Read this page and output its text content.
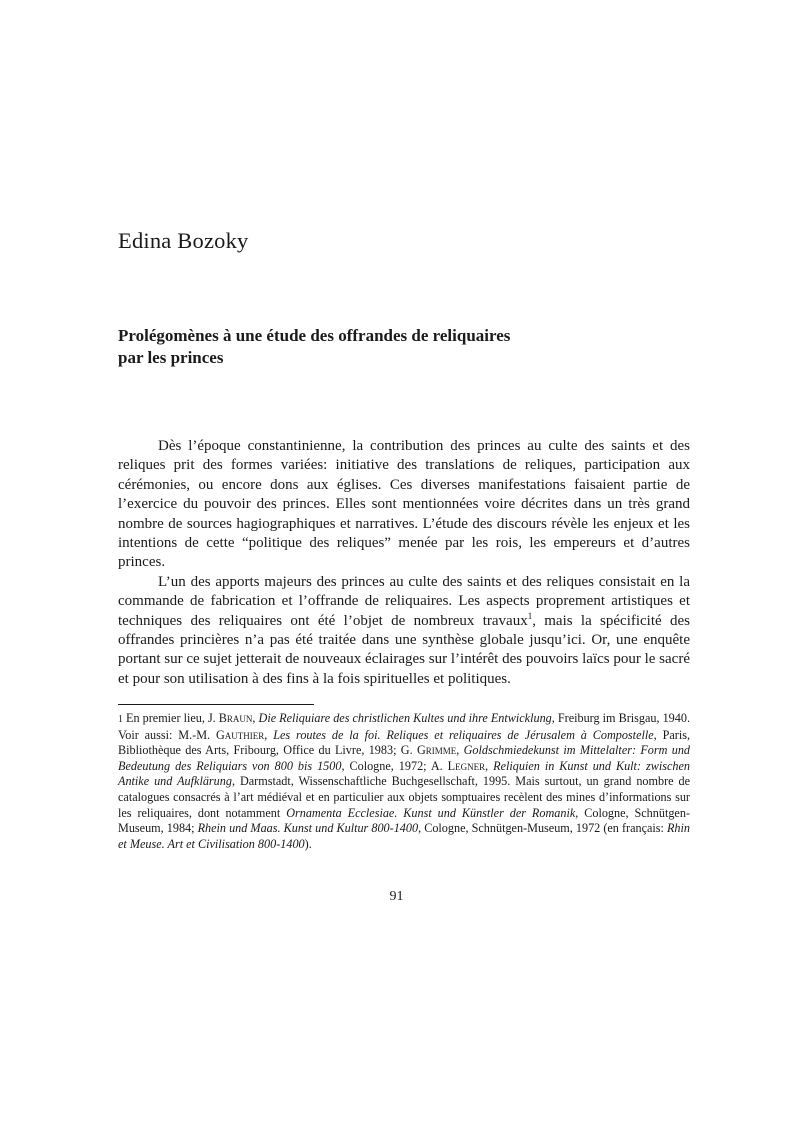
Edina Bozoky
Prolégomènes à une étude des offrandes de reliquaires
par les princes

Dès l’époque constantinienne, la contribution des princes au culte des saints et des reliques prit des formes variées: initiative des translations de reliques, participation aux cérémonies, ou encore dons aux églises. Ces diverses manifestations faisaient partie de l’exercice du pouvoir des princes. Elles sont mentionnées voire décrites dans un très grand nombre de sources hagiographiques et narratives. L’étude des discours révèle les enjeux et les intentions de cette “politique des reliques” menée par les rois, les empereurs et d’autres princes.

L’un des apports majeurs des princes au culte des saints et des reliques consistait en la commande de fabrication et l’offrande de reliquaires. Les aspects proprement artistiques et techniques des reliquaires ont été l’objet de nombreux travaux$^1$, mais la spécificité des offrandes princières n’a pas été traitée dans une synthèse globale jusqu’ici. Or, une enquête portant sur ce sujet jetterait de nouveaux éclairages sur l’intérêt des pouvoirs laïcs pour le sacré et pour son utilisation à des fins à la fois spirituelles et politiques.

1 En premier lieu, J. Braun, Die Reliquiare des christlichen Kultes und ihre Entwicklung, Freiburg im Brisgau, 1940. Voir aussi: M.-M. Gauthier, Les routes de la foi. Reliques et reliquaires de Jérusalem à Compostelle, Paris, Bibliothèque des Arts, Fribourg, Office du Livre, 1983; G. Grimme, Goldschmiedekunst im Mittelalter: Form und Bedeutung des Reliquiars von 800 bis 1500, Cologne, 1972; A. Legner, Reliquien in Kunst und Kult: zwischen Antike und Aufklärung, Darmstadt, Wissenschaftliche Buchgesellschaft, 1995. Mais surtout, un grand nombre de catalogues consacrés à l’art médiéval et en particulier aux objets somptuaires recèlent des mines d’informations sur les reliquaires, dont notamment Ornamenta Ecclesiae. Kunst und Künstler der Romanik, Cologne, Schnütgen-Museum, 1984; Rhein und Maas. Kunst und Kultur 800-1400, Cologne, Schnütgen-Museum, 1972 (en français: Rhin et Meuse. Art et Civilisation 800-1400).
91
